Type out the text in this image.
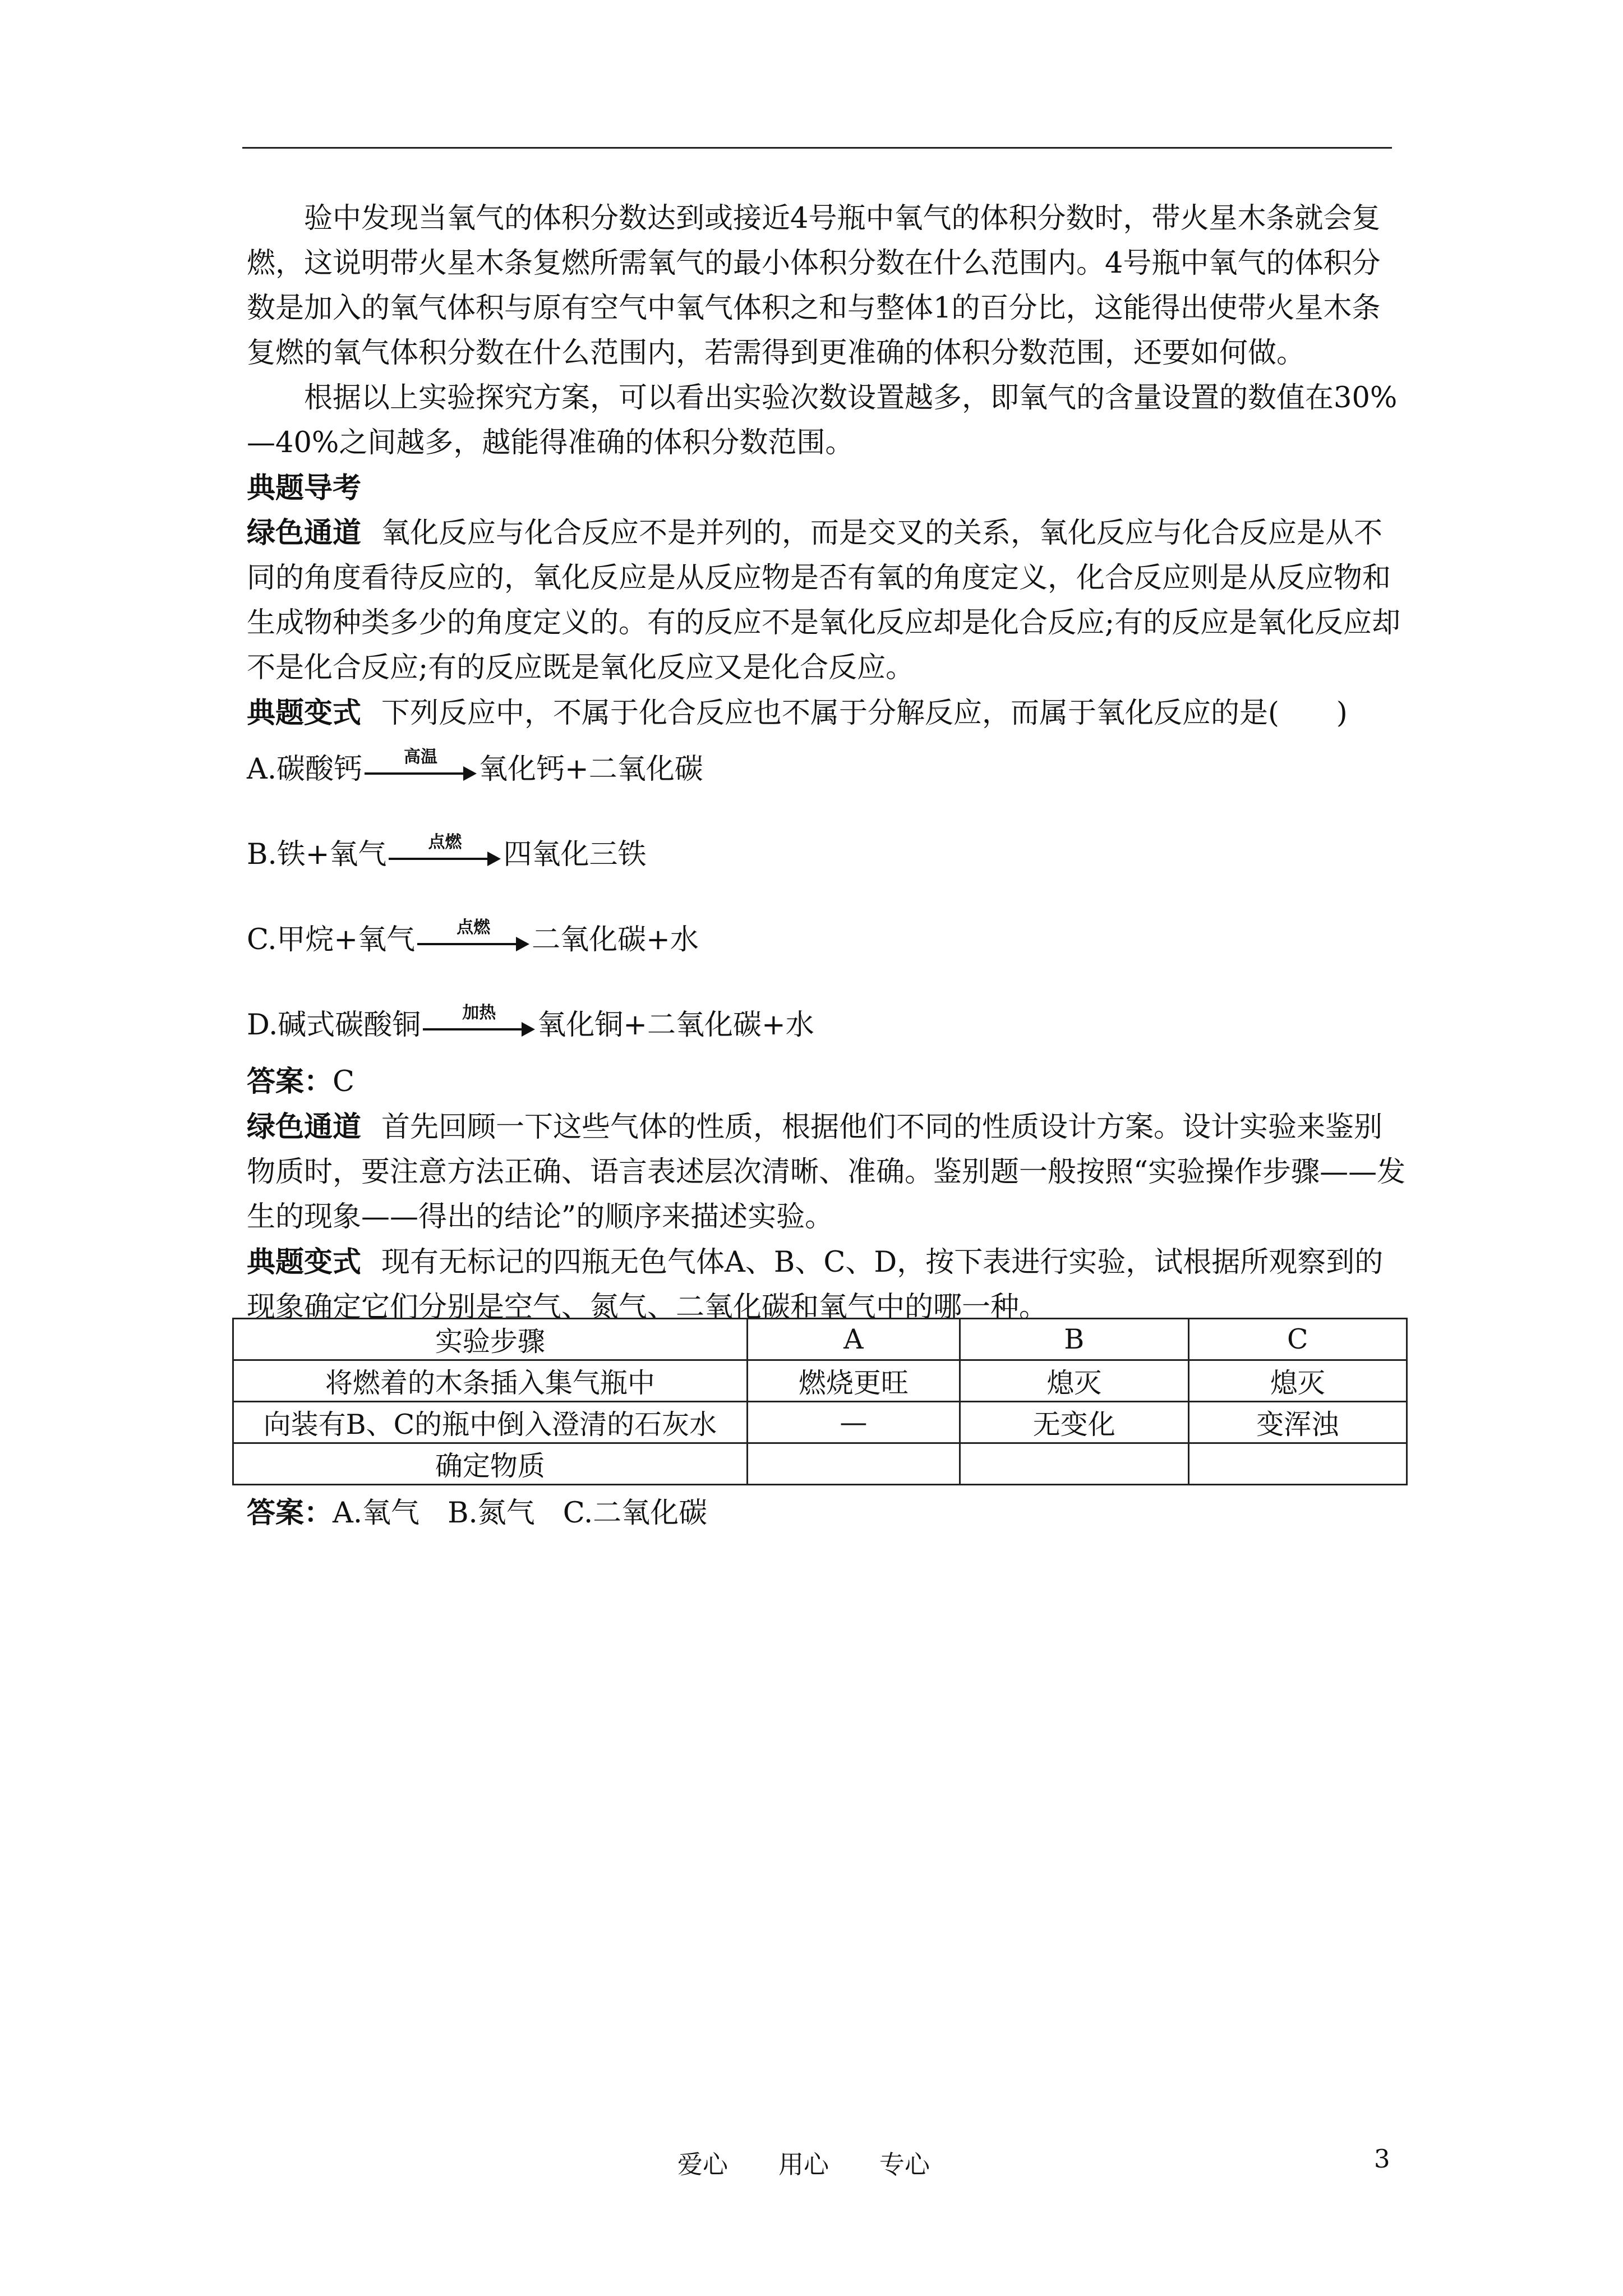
验中发现当氧气的体积分数达到或接近4号瓶中氧气的体积分数时，带火星木条就会复燃，这说明带火星木条复燃所需氧气的最小体积分数在什么范围内。4号瓶中氧气的体积分数是加入的氧气体积与原有空气中氧气体积之和与整体1的百分比，这能得出使带火星木条复燃的氧气体积分数在什么范围内，若需得到更准确的体积分数范围，还要如何做。

根据以上实验探究方案，可以看出实验次数设置越多，即氧气的含量设置的数值在30%—40%之间越多，越能得准确的体积分数范围。

典题导考

绿色通道 氧化反应与化合反应不是并列的，而是交叉的关系，氧化反应与化合反应是从不同的角度看待反应的，氧化反应是从反应物是否有氧的角度定义，化合反应则是从反应物和生成物种类多少的角度定义的。有的反应不是氧化反应却是化合反应;有的反应是氧化反应却不是化合反应;有的反应既是氧化反应又是化合反应。

典题变式 下列反应中，不属于化合反应也不属于分解反应，而属于氧化反应的是(　　)

A.碳酸钙	高温	氧化钙+二氧化碳
B.铁+氧气	点燃	四氧化三铁
C.甲烷+氧气	点燃	二氧化碳+水
D.碱式碳酸铜	加热	氧化铜+二氧化碳+水

答案：C

绿色通道 首先回顾一下这些气体的性质，根据他们不同的性质设计方案。设计实验来鉴别物质时，要注意方法正确、语言表述层次清晰、准确。鉴别题一般按照“实验操作步骤——发生的现象——得出的结论”的顺序来描述实验。

典题变式 现有无标记的四瓶无色气体A、B、C、D，按下表进行实验，试根据所观察到的现象确定它们分别是空气、氮气、二氧化碳和氧气中的哪一种。

实验步骤	A	B	C
将燃着的木条插入集气瓶中	燃烧更旺	熄灭	熄灭
向装有B、C的瓶中倒入澄清的石灰水	—	无变化	变浑浊
确定物质			

答案：A.氧气 B.氮气 C.二氧化碳

爱心 用心 专心	3
